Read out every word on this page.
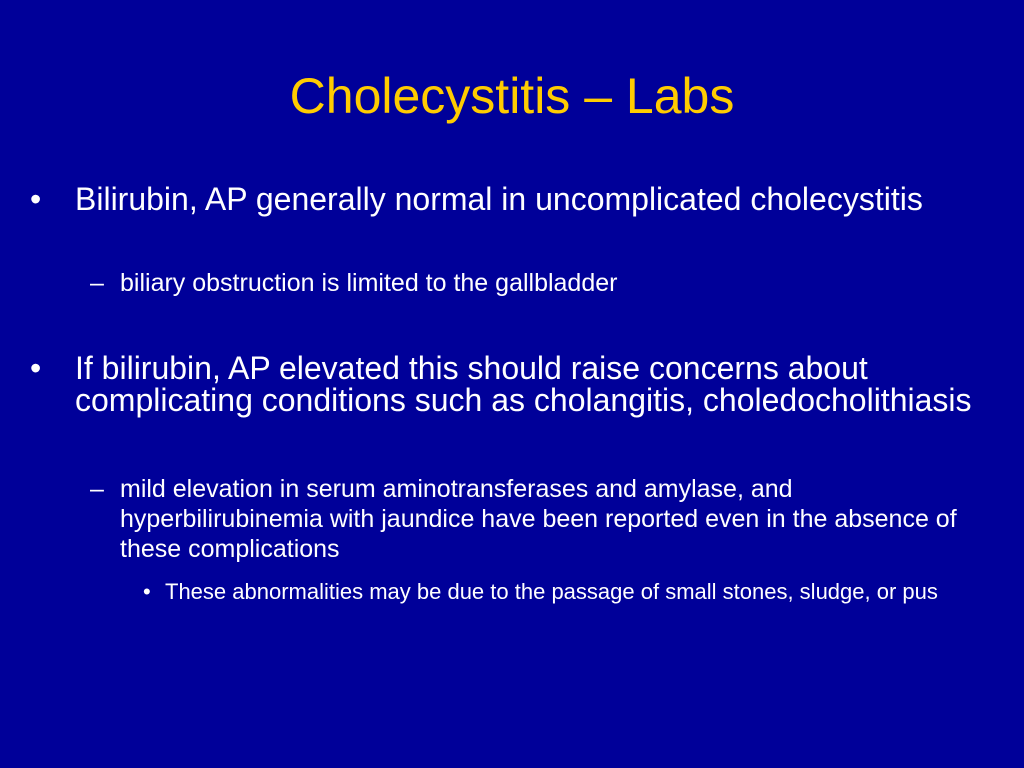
Cholecystitis – Labs
• Bilirubin, AP generally normal in uncomplicated cholecystitis
– biliary obstruction is limited to the gallbladder
• If bilirubin, AP elevated this should raise concerns about complicating conditions such as cholangitis, choledocholithiasis
– mild elevation in serum aminotransferases and amylase, and hyperbilirubinemia with jaundice have been reported even in the absence of these complications
• These abnormalities may be due to the passage of small stones, sludge, or pus
